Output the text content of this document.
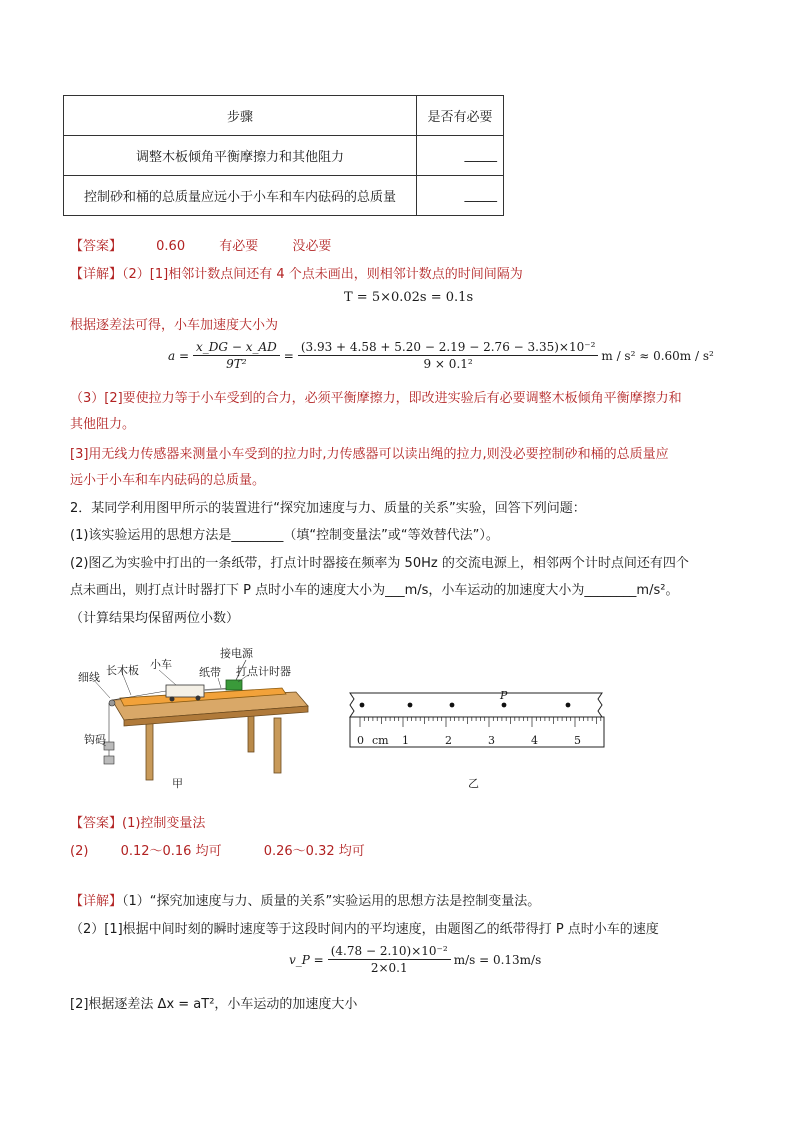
步骤	是否有必要
调整木板倾角平衡摩擦力和其他阻力	_____
控制砂和桶的总质量应远小于小车和车内砝码的总质量	_____
【答案】	0.60	有必要	没必要
【详解】（2）[1]相邻计数点间还有 4 个点未画出，则相邻计数点的时间间隔为
T = 5×0.02s = 0.1s
根据逐差法可得，小车加速度大小为
$a = \frac{x\_DG - x\_AD}{\text{9T²}} = \frac{\text{(3.93 + 4.58 + 5.20 − 2.19 − 2.76 − 3.35)×10⁻²}}{\text{9 × 0.1²}}$ m / s² ≈ 0.60m / s²
（3）[2]要使拉力等于小车受到的合力，必须平衡摩擦力，即改进实验后有必要调整木板倾角平衡摩擦力和
其他阻力。
[3]用无线力传感器来测量小车受到的拉力时,力传感器可以读出绳的拉力,则没必要控制砂和桶的总质量应
远小于小车和车内砝码的总质量。
2．某同学利用图甲所示的装置进行“探究加速度与力、质量的关系”实验，回答下列问题：
(1)该实验运用的思想方法是________（填“控制变量法”或“等效替代法”）。
(2)图乙为实验中打出的一条纸带，打点计时器接在频率为 50Hz 的交流电源上，相邻两个计时点间还有四个
点未画出，则打点计时器打下 P 点时小车的速度大小为___m/s，小车运动的加速度大小为________m/s²。
（计算结果均保留两位小数）
接电源
长木板 小车
纸带 打点计时器
细线
钩码
甲
P
0 cm 1	2	3	4	5
乙
【答案】(1)控制变量法
(2) 0.12～0.16 均可	0.26～0.32 均可
【详解】（1）“探究加速度与力、质量的关系”实验运用的思想方法是控制变量法。
（2）[1]根据中间时刻的瞬时速度等于这段时间内的平均速度，由题图乙的纸带得打 P 点时小车的速度
v_P = $\frac{\text{(4.78 − 2.10)×10⁻²}}{2\times 0.1} m/s = 0.13m/s$
[2]根据逐差法 Δx = aT²，小车运动的加速度大小
